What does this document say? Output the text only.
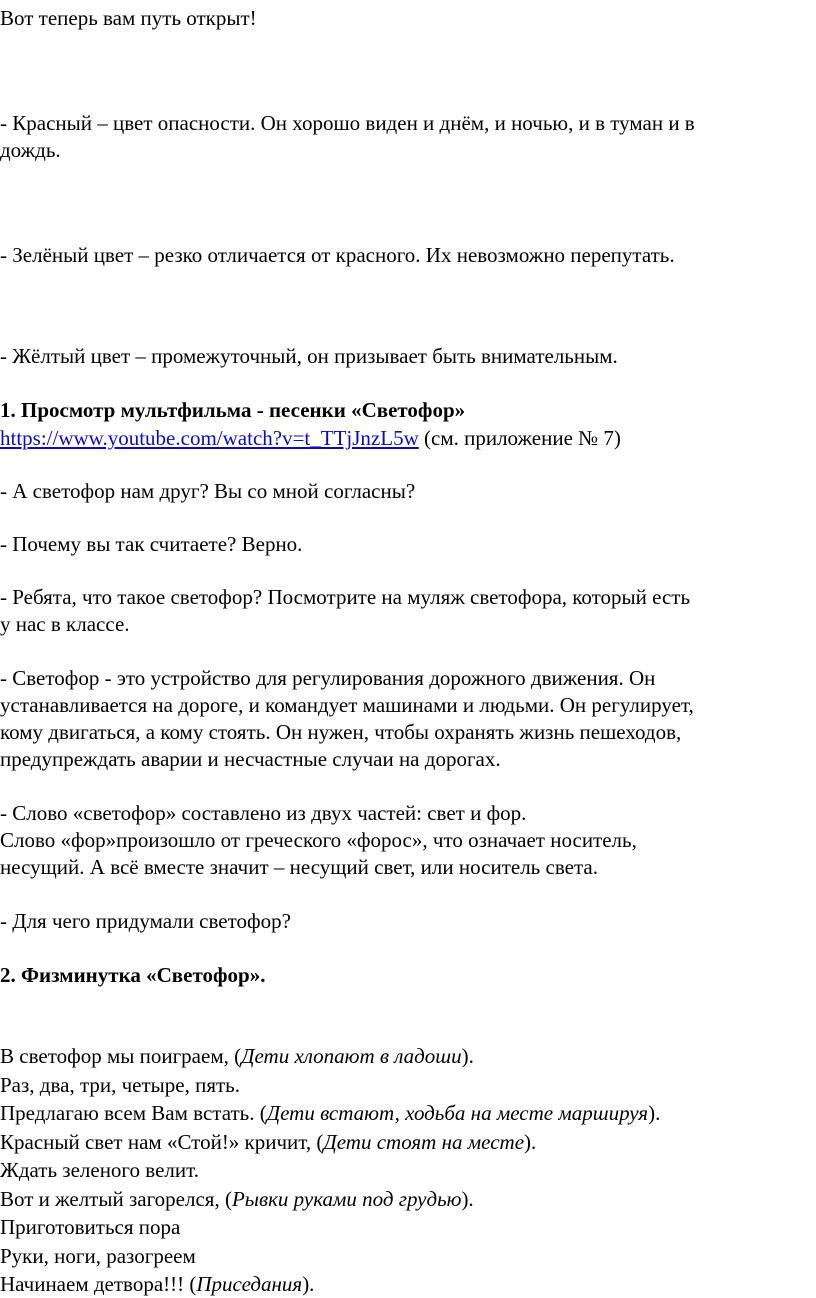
Вот теперь вам путь открыт!
- Красный – цвет опасности. Он хорошо виден и днём, и ночью, и в туман и в
дождь.
- Зелёный цвет – резко отличается от красного. Их невозможно перепутать.
- Жёлтый цвет – промежуточный, он призывает быть внимательным.
1. Просмотр мультфильма - песенки «Светофор»
https://www.youtube.com/watch?v=t_TTjJnzL5w (см. приложение № 7)
- А светофор нам друг? Вы со мной согласны?
- Почему вы так считаете? Верно.
- Ребята, что такое светофор? Посмотрите на муляж светофора, который есть
у нас в классе.
- Светофор - это устройство для регулирования дорожного движения. Он
устанавливается на дороге, и командует машинами и людьми. Он регулирует,
кому двигаться, а кому стоять. Он нужен, чтобы охранять жизнь пешеходов,
предупреждать аварии и несчастные случаи на дорогах.
- Слово «светофор» составлено из двух частей: свет и фор.
Слово «фор»произошло от греческого «форос», что означает носитель,
несущий. А всё вместе значит – несущий свет, или носитель света.
- Для чего придумали светофор?
2. Физминутка «Светофор».
В светофор мы поиграем, (Дети хлопают в ладоши).
Раз, два, три, четыре, пять.
Предлагаю всем Вам встать. (Дети встают, ходьба на месте маршируя).
Красный свет нам «Стой!» кричит, (Дети стоят на месте).
Ждать зеленого велит.
Вот и желтый загорелся, (Рывки руками под грудью).
Приготовиться пора
Руки, ноги, разогреем
Начинаем детвора!!! (Приседания).
